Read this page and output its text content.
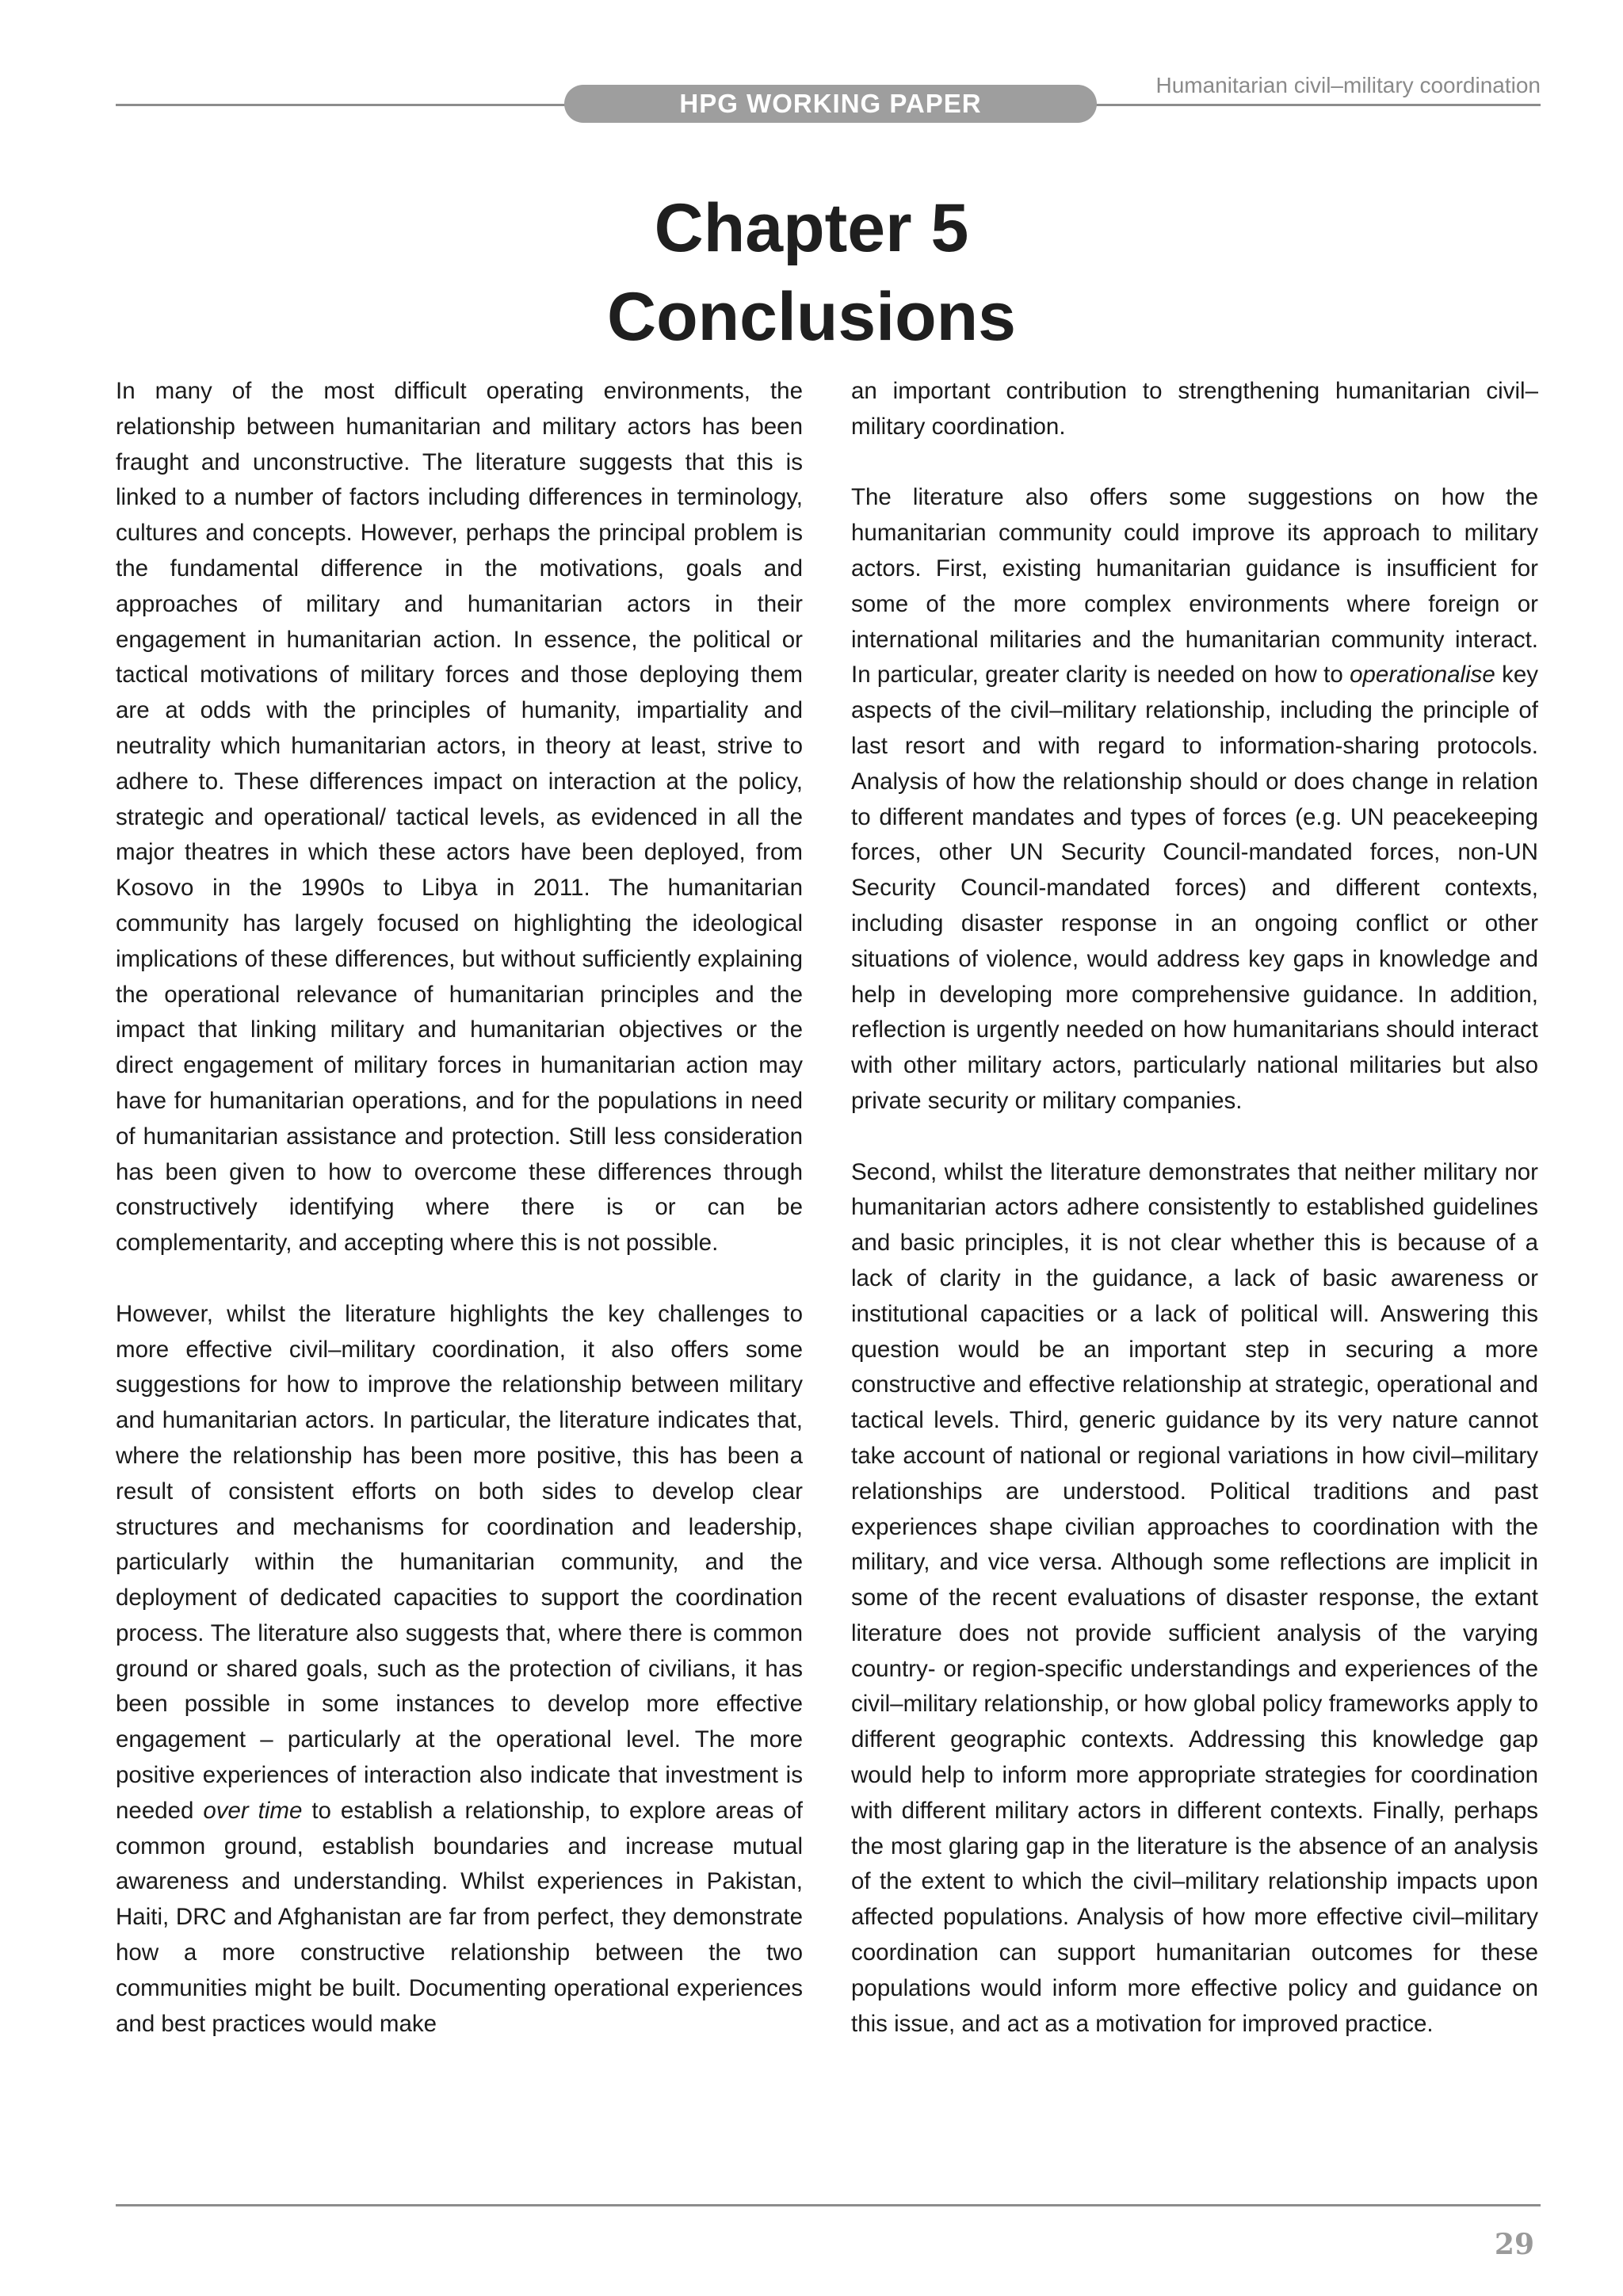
HPG WORKING PAPER
Humanitarian civil–military coordination
Chapter 5
Conclusions

In many of the most difficult operating environments, the relationship between humanitarian and military actors has been fraught and unconstructive. The literature suggests that this is linked to a number of factors including differences in terminology, cultures and concepts. However, perhaps the principal problem is the fundamental difference in the motivations, goals and approaches of military and humanitarian actors in their engagement in humanitarian action. In essence, the political or tactical motivations of military forces and those deploying them are at odds with the principles of humanity, impartiality and neutrality which humanitarian actors, in theory at least, strive to adhere to. These differences impact on interaction at the policy, strategic and operational/ tactical levels, as evidenced in all the major theatres in which these actors have been deployed, from Kosovo in the 1990s to Libya in 2011. The humanitarian community has largely focused on highlighting the ideological implications of these differences, but without sufficiently explaining the operational relevance of humanitarian principles and the impact that linking military and humanitarian objectives or the direct engagement of military forces in humanitarian action may have for humanitarian operations, and for the populations in need of humanitarian assistance and protection. Still less consideration has been given to how to overcome these differences through constructively identifying where there is or can be complementarity, and accepting where this is not possible.

However, whilst the literature highlights the key challenges to more effective civil–military coordination, it also offers some suggestions for how to improve the relationship between military and humanitarian actors. In particular, the literature indicates that, where the relationship has been more positive, this has been a result of consistent efforts on both sides to develop clear structures and mechanisms for coordination and leadership, particularly within the humanitarian community, and the deployment of dedicated capacities to support the coordination process. The literature also suggests that, where there is common ground or shared goals, such as the protection of civilians, it has been possible in some instances to develop more effective engagement – particularly at the operational level. The more positive experiences of interaction also indicate that investment is needed over time to establish a relationship, to explore areas of common ground, establish boundaries and increase mutual awareness and understanding. Whilst experiences in Pakistan, Haiti, DRC and Afghanistan are far from perfect, they demonstrate how a more constructive relationship between the two communities might be built. Documenting operational experiences and best practices would make

an important contribution to strengthening humanitarian civil–military coordination.

The literature also offers some suggestions on how the humanitarian community could improve its approach to military actors. First, existing humanitarian guidance is insufficient for some of the more complex environments where foreign or international militaries and the humanitarian community interact. In particular, greater clarity is needed on how to operationalise key aspects of the civil–military relationship, including the principle of last resort and with regard to information-sharing protocols. Analysis of how the relationship should or does change in relation to different mandates and types of forces (e.g. UN peacekeeping forces, other UN Security Council-mandated forces, non-UN Security Council-mandated forces) and different contexts, including disaster response in an ongoing conflict or other situations of violence, would address key gaps in knowledge and help in developing more comprehensive guidance. In addition, reflection is urgently needed on how humanitarians should interact with other military actors, particularly national militaries but also private security or military companies.

Second, whilst the literature demonstrates that neither military nor humanitarian actors adhere consistently to established guidelines and basic principles, it is not clear whether this is because of a lack of clarity in the guidance, a lack of basic awareness or institutional capacities or a lack of political will. Answering this question would be an important step in securing a more constructive and effective relationship at strategic, operational and tactical levels. Third, generic guidance by its very nature cannot take account of national or regional variations in how civil–military relationships are understood. Political traditions and past experiences shape civilian approaches to coordination with the military, and vice versa. Although some reflections are implicit in some of the recent evaluations of disaster response, the extant literature does not provide sufficient analysis of the varying country- or region-specific understandings and experiences of the civil–military relationship, or how global policy frameworks apply to different geographic contexts. Addressing this knowledge gap would help to inform more appropriate strategies for coordination with different military actors in different contexts. Finally, perhaps the most glaring gap in the literature is the absence of an analysis of the extent to which the civil–military relationship impacts upon affected populations. Analysis of how more effective civil–military coordination can support humanitarian outcomes for these populations would inform more effective policy and guidance on this issue, and act as a motivation for improved practice.

29
